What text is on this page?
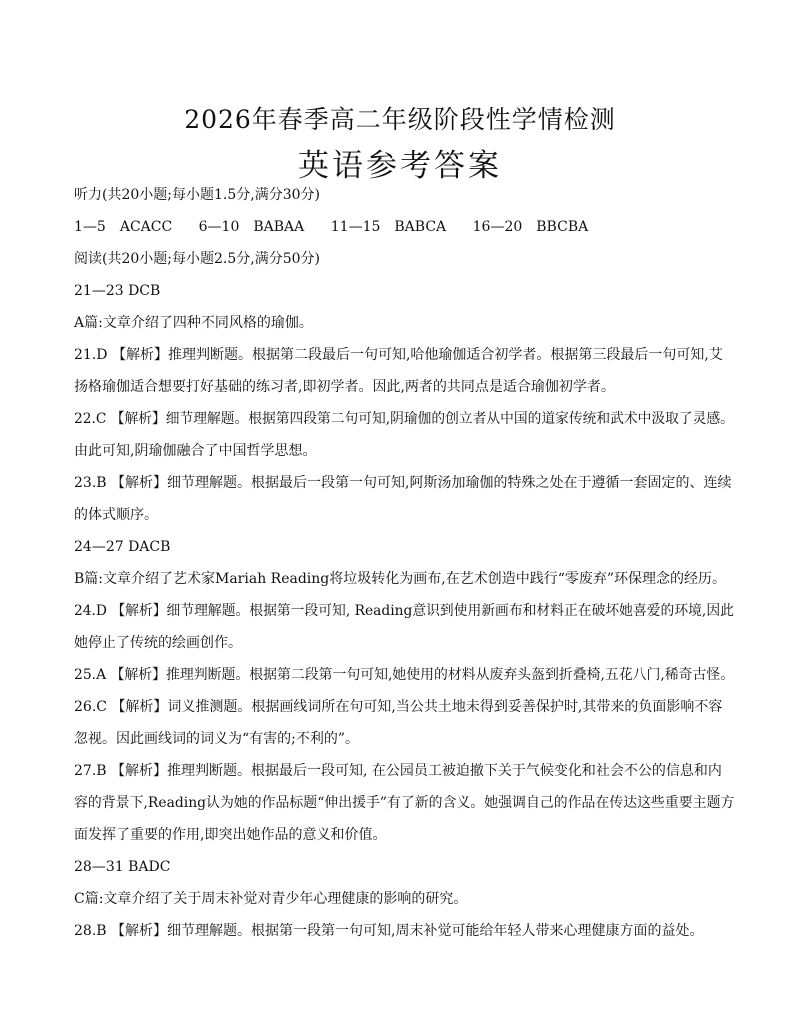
2026年春季高二年级阶段性学情检测
英语参考答案
听力(共20小题;每小题1.5分,满分30分)
1—5 ACACC 6—10 BABAA 11—15 BABCA 16—20 BBCBA
阅读(共20小题;每小题2.5分,满分50分)
21—23 DCB
A篇:文章介绍了四种不同风格的瑜伽。
21.D 【解析】推理判断题。根据第二段最后一句可知,哈他瑜伽适合初学者。根据第三段最后一句可知,艾
扬格瑜伽适合想要打好基础的练习者,即初学者。因此,两者的共同点是适合瑜伽初学者。
22.C 【解析】细节理解题。根据第四段第二句可知,阴瑜伽的创立者从中国的道家传统和武术中汲取了灵感。
由此可知,阴瑜伽融合了中国哲学思想。
23.B 【解析】细节理解题。根据最后一段第一句可知,阿斯汤加瑜伽的特殊之处在于遵循一套固定的、连续
的体式顺序。
24—27 DACB
B篇:文章介绍了艺术家Mariah Reading将垃圾转化为画布,在艺术创造中践行“零废弃”环保理念的经历。
24.D 【解析】细节理解题。根据第一段可知, Reading意识到使用新画布和材料正在破坏她喜爱的环境,因此
她停止了传统的绘画创作。
25.A 【解析】推理判断题。根据第二段第一句可知,她使用的材料从废弃头盔到折叠椅,五花八门,稀奇古怪。
26.C 【解析】词义推测题。根据画线词所在句可知,当公共土地未得到妥善保护时,其带来的负面影响不容
忽视。因此画线词的词义为“有害的;不利的”。
27.B 【解析】推理判断题。根据最后一段可知, 在公园员工被迫撤下关于气候变化和社会不公的信息和内
容的背景下,Reading认为她的作品标题“伸出援手”有了新的含义。她强调自己的作品在传达这些重要主题方
面发挥了重要的作用,即突出她作品的意义和价值。
28—31 BADC
C篇:文章介绍了关于周末补觉对青少年心理健康的影响的研究。
28.B 【解析】细节理解题。根据第一段第一句可知,周末补觉可能给年轻人带来心理健康方面的益处。
